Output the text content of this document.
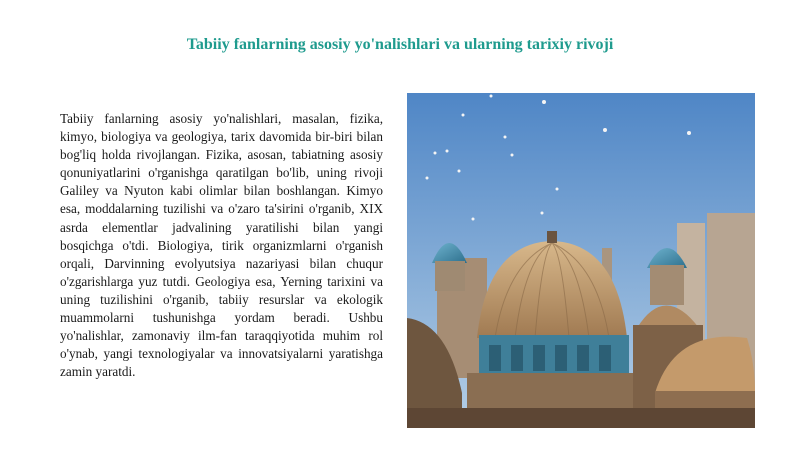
Tabiiy fanlarning asosiy yo'nalishlari va ularning tarixiy rivoji
Tabiiy fanlarning asosiy yo'nalishlari, masalan, fizika, kimyo, biologiya va geologiya, tarix davomida bir-biri bilan bog'liq holda rivojlangan. Fizika, asosan, tabiatning asosiy qonuniyatlarini o'rganishga qaratilgan bo'lib, uning rivoji Galiley va Nyuton kabi olimlar bilan boshlangan. Kimyo esa, moddalarning tuzilishi va o'zaro ta'sirini o'rganib, XIX asrda elementlar jadvalining yaratilishi bilan yangi bosqichga o'tdi. Biologiya, tirik organizmlarni o'rganish orqali, Darvinning evolyutsiya nazariyasi bilan chuqur o'zgarishlarga yuz tutdi. Geologiya esa, Yerning tarixini va uning tuzilishini o'rganib, tabiiy resurslar va ekologik muammolarni tushunishga yordam beradi. Ushbu yo'nalishlar, zamonaviy ilm-fan taraqqiyotida muhim rol o'ynab, yangi texnologiyalar va innovatsiyalarni yaratishga zamin yaratdi.
